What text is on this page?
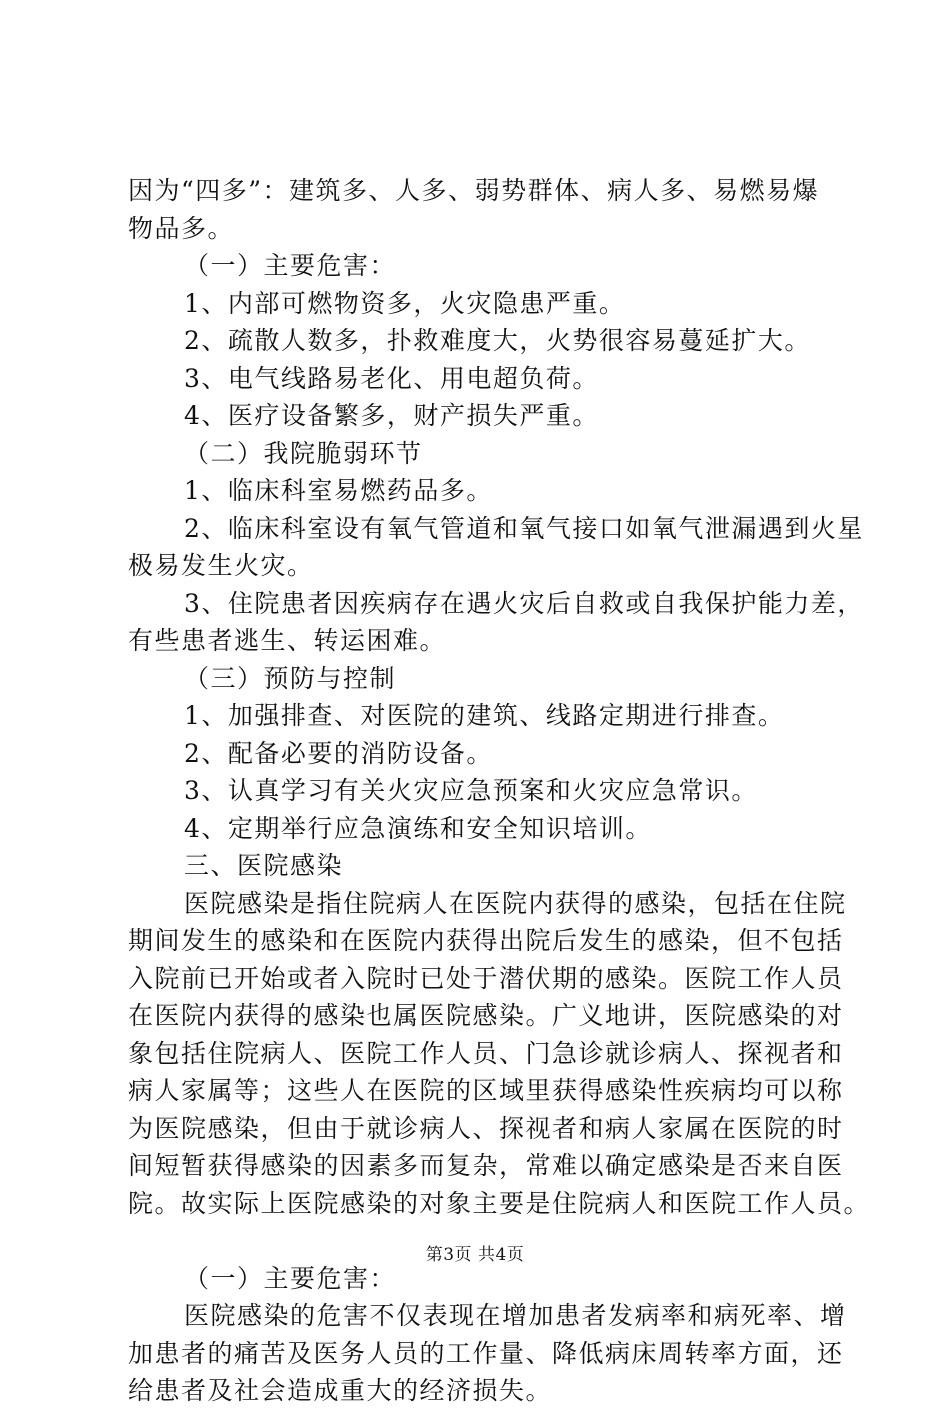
因为“四多”：建筑多、人多、弱势群体、病人多、易燃易爆
物品多。
（一）主要危害：
1、内部可燃物资多，火灾隐患严重。
2、疏散人数多，扑救难度大，火势很容易蔓延扩大。
3、电气线路易老化、用电超负荷。
4、医疗设备繁多，财产损失严重。
（二）我院脆弱环节
1、临床科室易燃药品多。
2、临床科室设有氧气管道和氧气接口如氧气泄漏遇到火星
极易发生火灾。
3、住院患者因疾病存在遇火灾后自救或自我保护能力差，
有些患者逃生、转运困难。
（三）预防与控制
1、加强排查、对医院的建筑、线路定期进行排查。
2、配备必要的消防设备。
3、认真学习有关火灾应急预案和火灾应急常识。
4、定期举行应急演练和安全知识培训。
三、医院感染
医院感染是指住院病人在医院内获得的感染，包括在住院
期间发生的感染和在医院内获得出院后发生的感染，但不包括
入院前已开始或者入院时已处于潜伏期的感染。医院工作人员
在医院内获得的感染也属医院感染。广义地讲，医院感染的对
象包括住院病人、医院工作人员、门急诊就诊病人、探视者和
病人家属等；这些人在医院的区域里获得感染性疾病均可以称
为医院感染，但由于就诊病人、探视者和病人家属在医院的时
间短暂获得感染的因素多而复杂，常难以确定感染是否来自医
院。故实际上医院感染的对象主要是住院病人和医院工作人员。
（一）主要危害：
医院感染的危害不仅表现在增加患者发病率和病死率、增
加患者的痛苦及医务人员的工作量、降低病床周转率方面，还
给患者及社会造成重大的经济损失。
第3页 共4页
